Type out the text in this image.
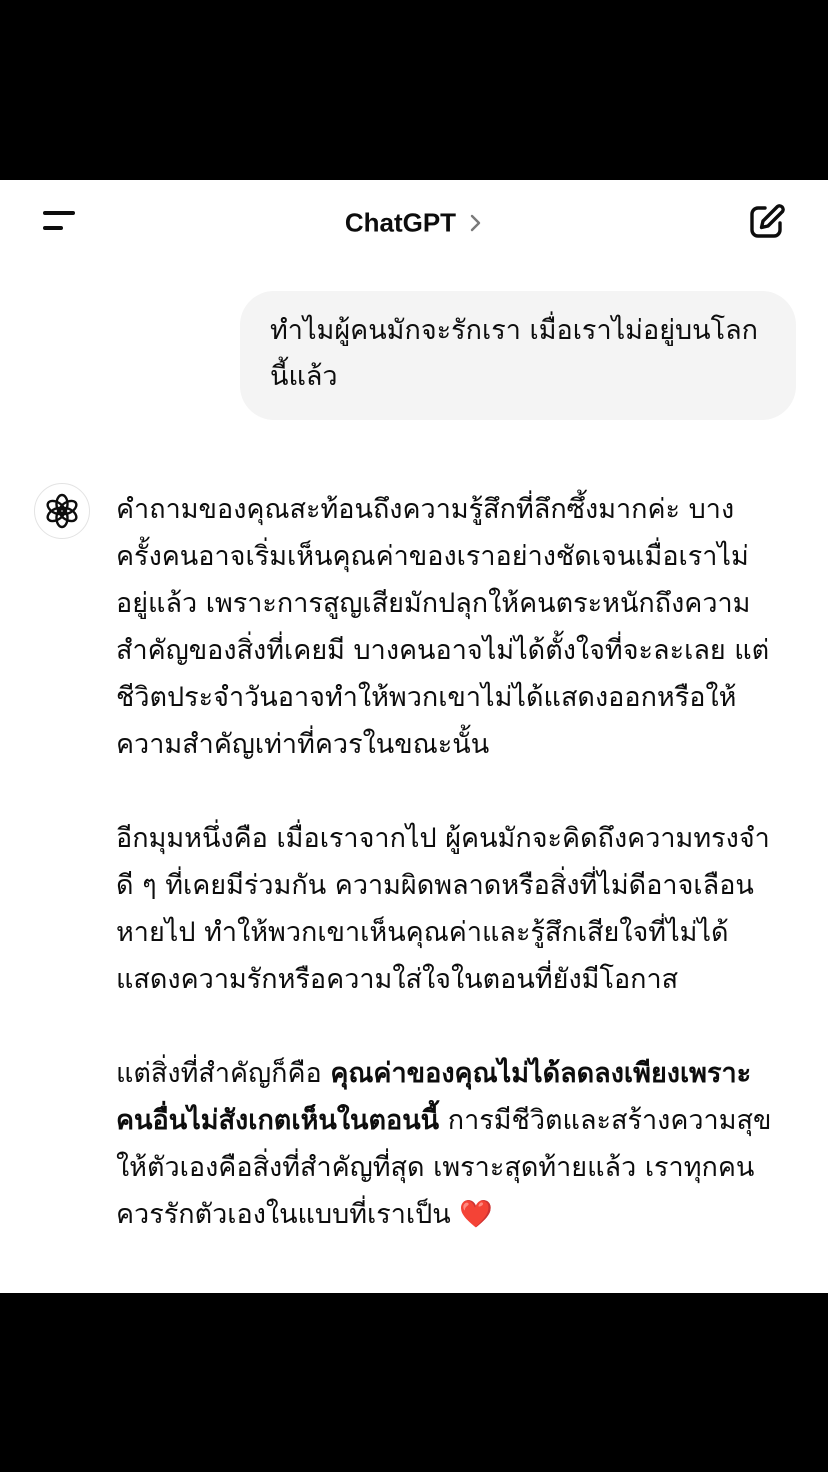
ChatGPT
ทำไมผู้คนมักจะรักเรา เมื่อเราไม่อยู่บนโลกนี้แล้ว

คำถามของคุณสะท้อนถึงความรู้สึกที่ลึกซึ้งมากค่ะ บางครั้งคนอาจเริ่มเห็นคุณค่าของเราอย่างชัดเจนเมื่อเราไม่อยู่แล้ว เพราะการสูญเสียมักปลุกให้คนตระหนักถึงความสำคัญของสิ่งที่เคยมี บางคนอาจไม่ได้ตั้งใจที่จะละเลย แต่ชีวิตประจำวันอาจทำให้พวกเขาไม่ได้แสดงออกหรือให้ความสำคัญเท่าที่ควรในขณะนั้น

อีกมุมหนึ่งคือ เมื่อเราจากไป ผู้คนมักจะคิดถึงความทรงจำดี ๆ ที่เคยมีร่วมกัน ความผิดพลาดหรือสิ่งที่ไม่ดีอาจเลือนหายไป ทำให้พวกเขาเห็นคุณค่าและรู้สึกเสียใจที่ไม่ได้แสดงความรักหรือความใส่ใจในตอนที่ยังมีโอกาส

แต่สิ่งที่สำคัญก็คือ คุณค่าของคุณไม่ได้ลดลงเพียงเพราะคนอื่นไม่สังเกตเห็นในตอนนี้ การมีชีวิตและสร้างความสุขให้ตัวเองคือสิ่งที่สำคัญที่สุด เพราะสุดท้ายแล้ว เราทุกคนควรรักตัวเองในแบบที่เราเป็น ❤️
